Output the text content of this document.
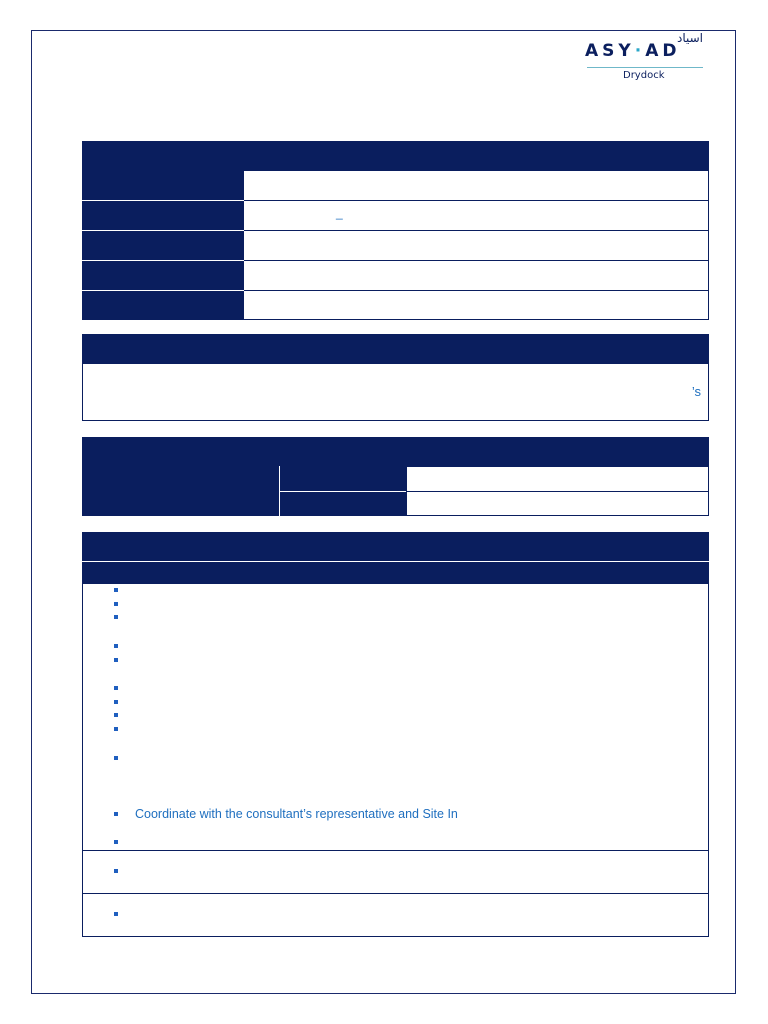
اسياد
ASY·AD
Drydock
_
’s
Coordinate with the consultant’s representative and Site In
